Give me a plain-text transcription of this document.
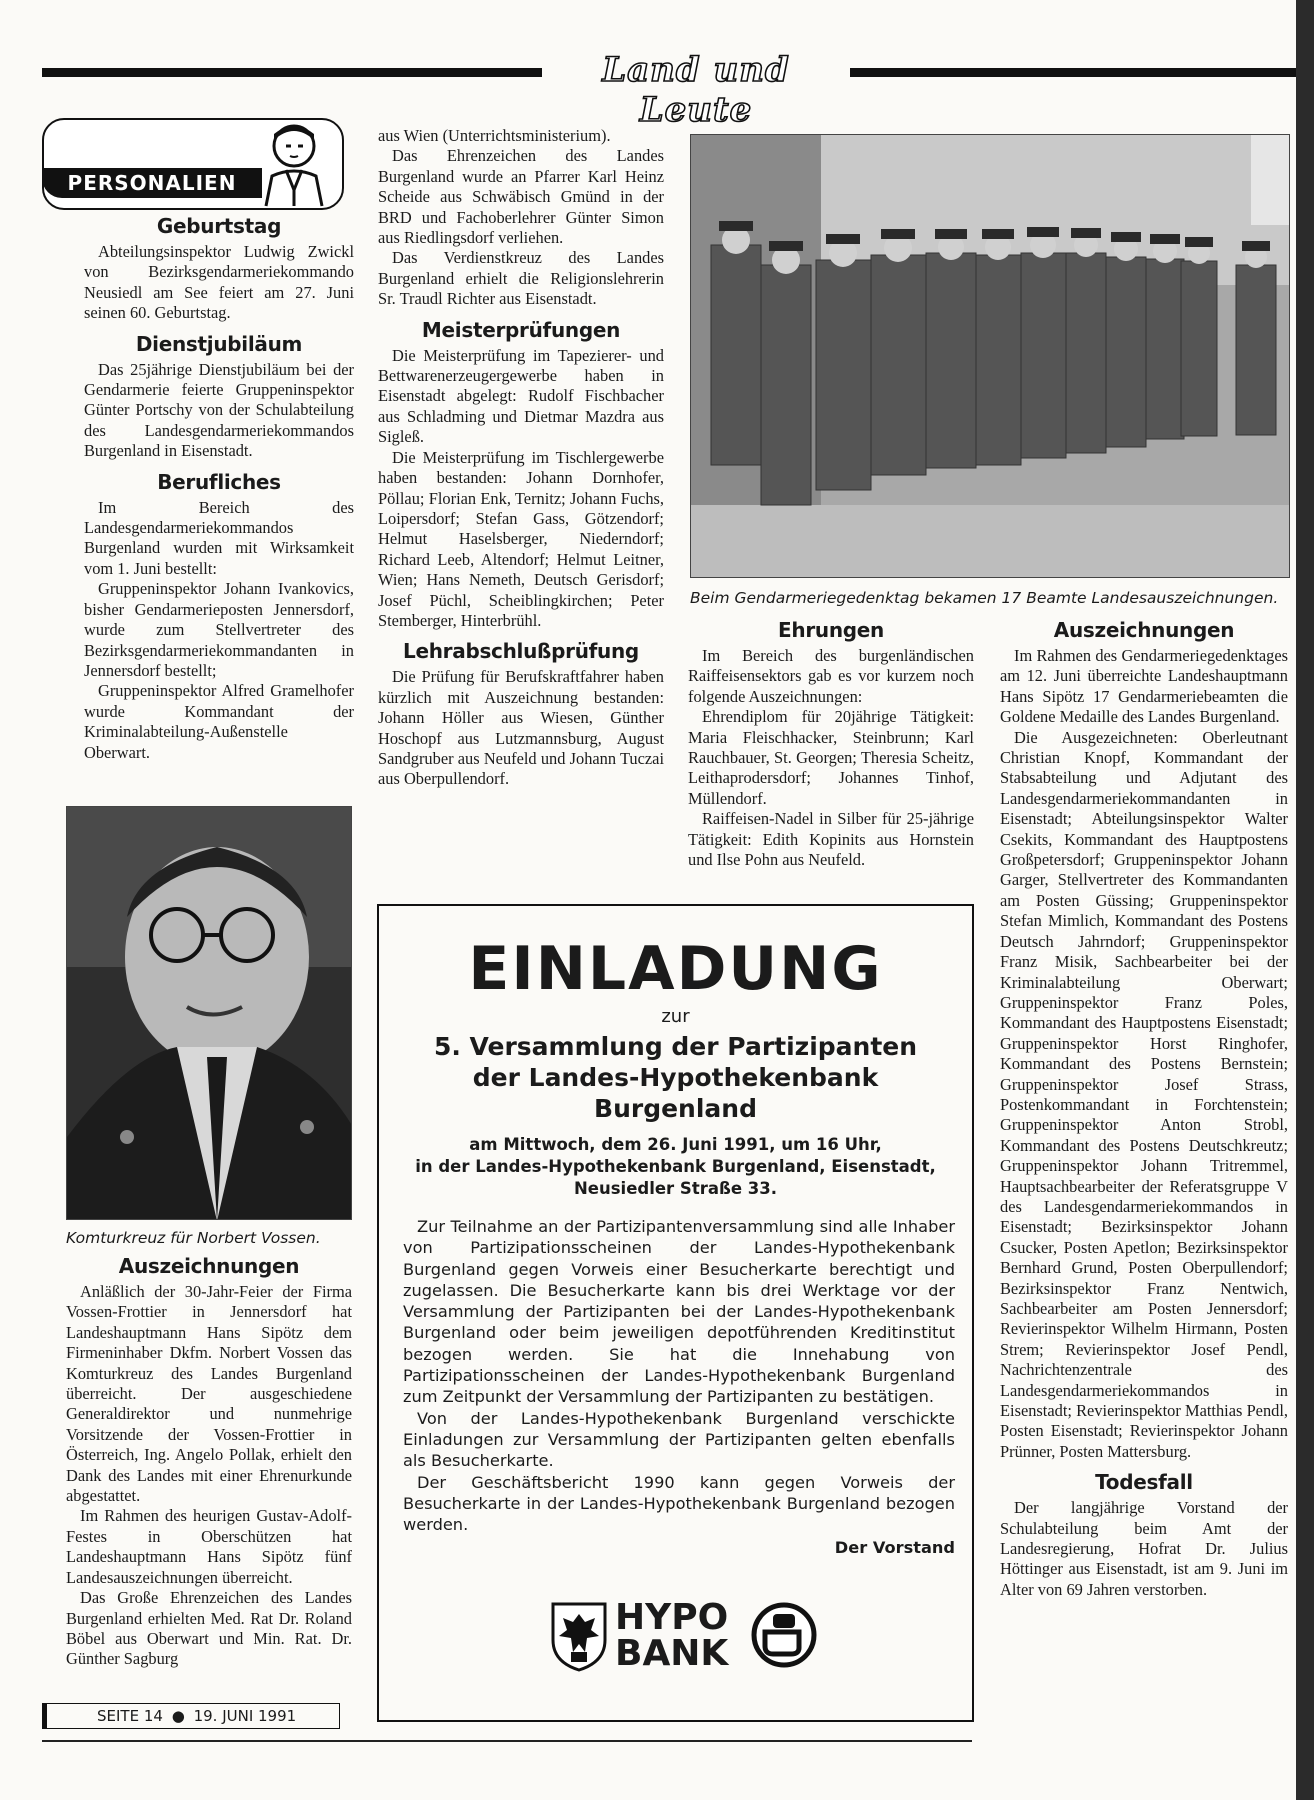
Land und Leute
PERSONALIEN
Geburtstag

Abteilungsinspektor Ludwig Zwickl von Bezirksgendarmeriekommando Neusiedl am See feiert am 27. Juni seinen 60. Geburtstag.

Dienstjubiläum

Das 25jährige Dienstjubiläum bei der Gendarmerie feierte Gruppeninspektor Günter Portschy von der Schulabteilung des Landesgendarmeriekommandos Burgenland in Eisenstadt.

Berufliches

Im Bereich des Landesgendarmeriekommandos Burgenland wurden mit Wirksamkeit vom 1. Juni bestellt:

Gruppeninspektor Johann Ivankovics, bisher Gendarmerieposten Jennersdorf, wurde zum Stellvertreter des Bezirksgendarmeriekommandanten in Jennersdorf bestellt;

Gruppeninspektor Alfred Gramelhofer wurde Kommandant der Kriminalabteilung-Außenstelle Oberwart.

Komturkreuz für Norbert Vossen.
Auszeichnungen

Anläßlich der 30-Jahr-Feier der Firma Vossen-Frottier in Jennersdorf hat Landeshauptmann Hans Sipötz dem Firmeninhaber Dkfm. Norbert Vossen das Komturkreuz des Landes Burgenland überreicht. Der ausgeschiedene Generaldirektor und nunmehrige Vorsitzende der Vossen-Frottier in Österreich, Ing. Angelo Pollak, erhielt den Dank des Landes mit einer Ehrenurkunde abgestattet.

Im Rahmen des heurigen Gustav-Adolf-Festes in Oberschützen hat Landeshauptmann Hans Sipötz fünf Landesauszeichnungen überreicht.

Das Große Ehrenzeichen des Landes Burgenland erhielten Med. Rat Dr. Roland Böbel aus Oberwart und Min. Rat. Dr. Günther Sagburg

aus Wien (Unterrichtsministerium).

Das Ehrenzeichen des Landes Burgenland wurde an Pfarrer Karl Heinz Scheide aus Schwäbisch Gmünd in der BRD und Fachoberlehrer Günter Simon aus Riedlingsdorf verliehen.

Das Verdienstkreuz des Landes Burgenland erhielt die Religionslehrerin Sr. Traudl Richter aus Eisenstadt.

Meisterprüfungen

Die Meisterprüfung im Tapezierer- und Bettwarenerzeugergewerbe haben in Eisenstadt abgelegt: Rudolf Fischbacher aus Schladming und Dietmar Mazdra aus Sigleß.

Die Meisterprüfung im Tischlergewerbe haben bestanden: Johann Dornhofer, Pöllau; Florian Enk, Ternitz; Johann Fuchs, Loipersdorf; Stefan Gass, Götzendorf; Helmut Haselsberger, Niederndorf; Richard Leeb, Altendorf; Helmut Leitner, Wien; Hans Nemeth, Deutsch Gerisdorf; Josef Püchl, Scheiblingkirchen; Peter Stemberger, Hinterbrühl.

Lehrabschlußprüfung

Die Prüfung für Berufskraftfahrer haben kürzlich mit Auszeichnung bestanden: Johann Höller aus Wiesen, Günther Hoschopf aus Lutzmannsburg, August Sandgruber aus Neufeld und Johann Tuczai aus Oberpullendorf.

Beim Gendarmeriegedenktag bekamen 17 Beamte Landesauszeichnungen.
Ehrungen

Im Bereich des burgenländischen Raiffeisensektors gab es vor kurzem noch folgende Auszeichnungen:

Ehrendiplom für 20jährige Tätigkeit: Maria Fleischhacker, Steinbrunn; Karl Rauchbauer, St. Georgen; Theresia Scheitz, Leithaprodersdorf; Johannes Tinhof, Müllendorf.

Raiffeisen-Nadel in Silber für 25-jährige Tätigkeit: Edith Kopinits aus Hornstein und Ilse Pohn aus Neufeld.

Auszeichnungen

Im Rahmen des Gendarmeriegedenktages am 12. Juni überreichte Landeshauptmann Hans Sipötz 17 Gendarmeriebeamten die Goldene Medaille des Landes Burgenland.

Die Ausgezeichneten: Oberleutnant Christian Knopf, Kommandant der Stabsabteilung und Adjutant des Landesgendarmeriekommandanten in Eisenstadt; Abteilungsinspektor Walter Csekits, Kommandant des Hauptpostens Großpetersdorf; Gruppeninspektor Johann Garger, Stellvertreter des Kommandanten am Posten Güssing; Gruppeninspektor Stefan Mimlich, Kommandant des Postens Deutsch Jahrndorf; Gruppeninspektor Franz Misik, Sachbearbeiter bei der Kriminalabteilung Oberwart; Gruppeninspektor Franz Poles, Kommandant des Hauptpostens Eisenstadt; Gruppeninspektor Horst Ringhofer, Kommandant des Postens Bernstein; Gruppeninspektor Josef Strass, Postenkommandant in Forchtenstein; Gruppeninspektor Anton Strobl, Kommandant des Postens Deutschkreutz; Gruppeninspektor Johann Tritremmel, Hauptsachbearbeiter der Referatsgruppe V des Landesgendarmeriekommandos in Eisenstadt; Bezirksinspektor Johann Csucker, Posten Apetlon; Bezirksinspektor Bernhard Grund, Posten Oberpullendorf; Bezirksinspektor Franz Nentwich, Sachbearbeiter am Posten Jennersdorf; Revierinspektor Wilhelm Hirmann, Posten Strem; Revierinspektor Josef Pendl, Nachrichtenzentrale des Landesgendarmeriekommandos in Eisenstadt; Revierinspektor Matthias Pendl, Posten Eisenstadt; Revierinspektor Johann Prünner, Posten Mattersburg.

Todesfall

Der langjährige Vorstand der Schulabteilung beim Amt der Landesregierung, Hofrat Dr. Julius Höttinger aus Eisenstadt, ist am 9. Juni im Alter von 69 Jahren verstorben.

EINLADUNG
zur
5. Versammlung der Partizipanten
der Landes-Hypothekenbank
Burgenland
am Mittwoch, dem 26. Juni 1991, um 16 Uhr,
in der Landes-Hypothekenbank Burgenland, Eisenstadt,
Neusiedler Straße 33.

Zur Teilnahme an der Partizipantenversammlung sind alle Inhaber von Partizipationsscheinen der Landes-Hypothekenbank Burgenland gegen Vorweis einer Besucherkarte berechtigt und zugelassen. Die Besucherkarte kann bis drei Werktage vor der Versammlung der Partizipanten bei der Landes-Hypothekenbank Burgenland oder beim jeweiligen depotführenden Kreditinstitut bezogen werden. Sie hat die Innehabung von Partizipationsscheinen der Landes-Hypothekenbank Burgenland zum Zeitpunkt der Versammlung der Partizipanten zu bestätigen.

Von der Landes-Hypothekenbank Burgenland verschickte Einladungen zur Versammlung der Partizipanten gelten ebenfalls als Besucherkarte.

Der Geschäftsbericht 1990 kann gegen Vorweis der Besucherkarte in der Landes-Hypothekenbank Burgenland bezogen werden.

Der Vorstand
HYPO
BANK
SEITE 14 ● 19. JUNI 1991
